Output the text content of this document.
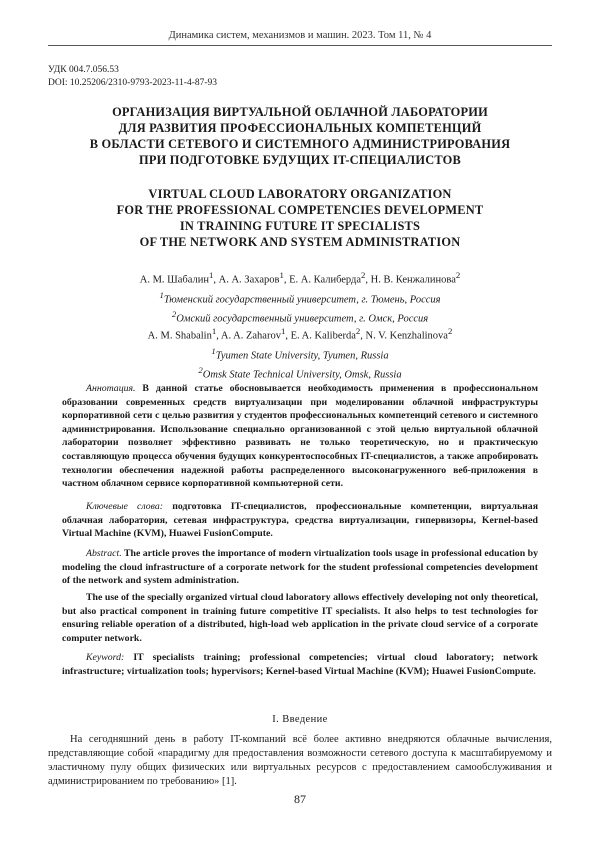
Динамика систем, механизмов и машин. 2023. Том 11, № 4
УДК 004.7.056.53
DOI: 10.25206/2310-9793-2023-11-4-87-93
ОРГАНИЗАЦИЯ ВИРТУАЛЬНОЙ ОБЛАЧНОЙ ЛАБОРАТОРИИ
ДЛЯ РАЗВИТИЯ ПРОФЕССИОНАЛЬНЫХ КОМПЕТЕНЦИЙ
В ОБЛАСТИ СЕТЕВОГО И СИСТЕМНОГО АДМИНИСТРИРОВАНИЯ
ПРИ ПОДГОТОВКЕ БУДУЩИХ IT-СПЕЦИАЛИСТОВ
VIRTUAL CLOUD LABORATORY ORGANIZATION
FOR THE PROFESSIONAL COMPETENCIES DEVELOPMENT
IN TRAINING FUTURE IT SPECIALISTS
OF THE NETWORK AND SYSTEM ADMINISTRATION
А. М. Шабалин$^1$, А. А. Захаров$^1$, Е. А. Калиберда$^2$, Н. В. Кенжалинова$^2$
$^1$Тюменский государственный университет, г. Тюмень, Россия
$^2$Омский государственный университет, г. Омск, Россия
A. M. Shabalin$^1$, A. A. Zaharov$^1$, E. A. Kaliberda$^2$, N. V. Kenzhalinova$^2$
$^1$Tyumen State University, Tyumen, Russia
$^2$Omsk State Technical University, Omsk, Russia
Аннотация. В данной статье обосновывается необходимость применения в профессиональном образовании современных средств виртуализации при моделировании облачной инфраструктуры корпоративной сети с целью развития у студентов профессиональных компетенций сетевого и системного администрирования. Использование специально организованной с этой целью виртуальной облачной лаборатории позволяет эффективно развивать не только теоретическую, но и практическую составляющую процесса обучения будущих конкурентоспособных IT-специалистов, а также апробировать технологии обеспечения надежной работы распределенного высоконагруженного веб-приложения в частном облачном сервисе корпоративной компьютерной сети.
Ключевые слова: подготовка IT-специалистов, профессиональные компетенции, виртуальная облачная лаборатория, сетевая инфраструктура, средства виртуализации, гипервизоры, Kernel-based Virtual Machine (KVM), Huawei FusionCompute.
Abstract. The article proves the importance of modern virtualization tools usage in professional education by modeling the cloud infrastructure of a corporate network for the student professional competencies development of the network and system administration.
The use of the specially organized virtual cloud laboratory allows effectively developing not only theoretical, but also practical component in training future competitive IT specialists. It also helps to test technologies for ensuring reliable operation of a distributed, high-load web application in the private cloud service of a corporate computer network.
Keyword: IT specialists training; professional competencies; virtual cloud laboratory; network infrastructure; virtualization tools; hypervisors; Kernel-based Virtual Machine (KVM); Huawei FusionCompute.
I. Введение
На сегодняшний день в работу IT-компаний всё более активно внедряются облачные вычисления, представляющие собой «парадигму для предоставления возможности сетевого доступа к масштабируемому и эластичному пулу общих физических или виртуальных ресурсов с предоставлением самообслуживания и администрированием по требованию» [1].
87
